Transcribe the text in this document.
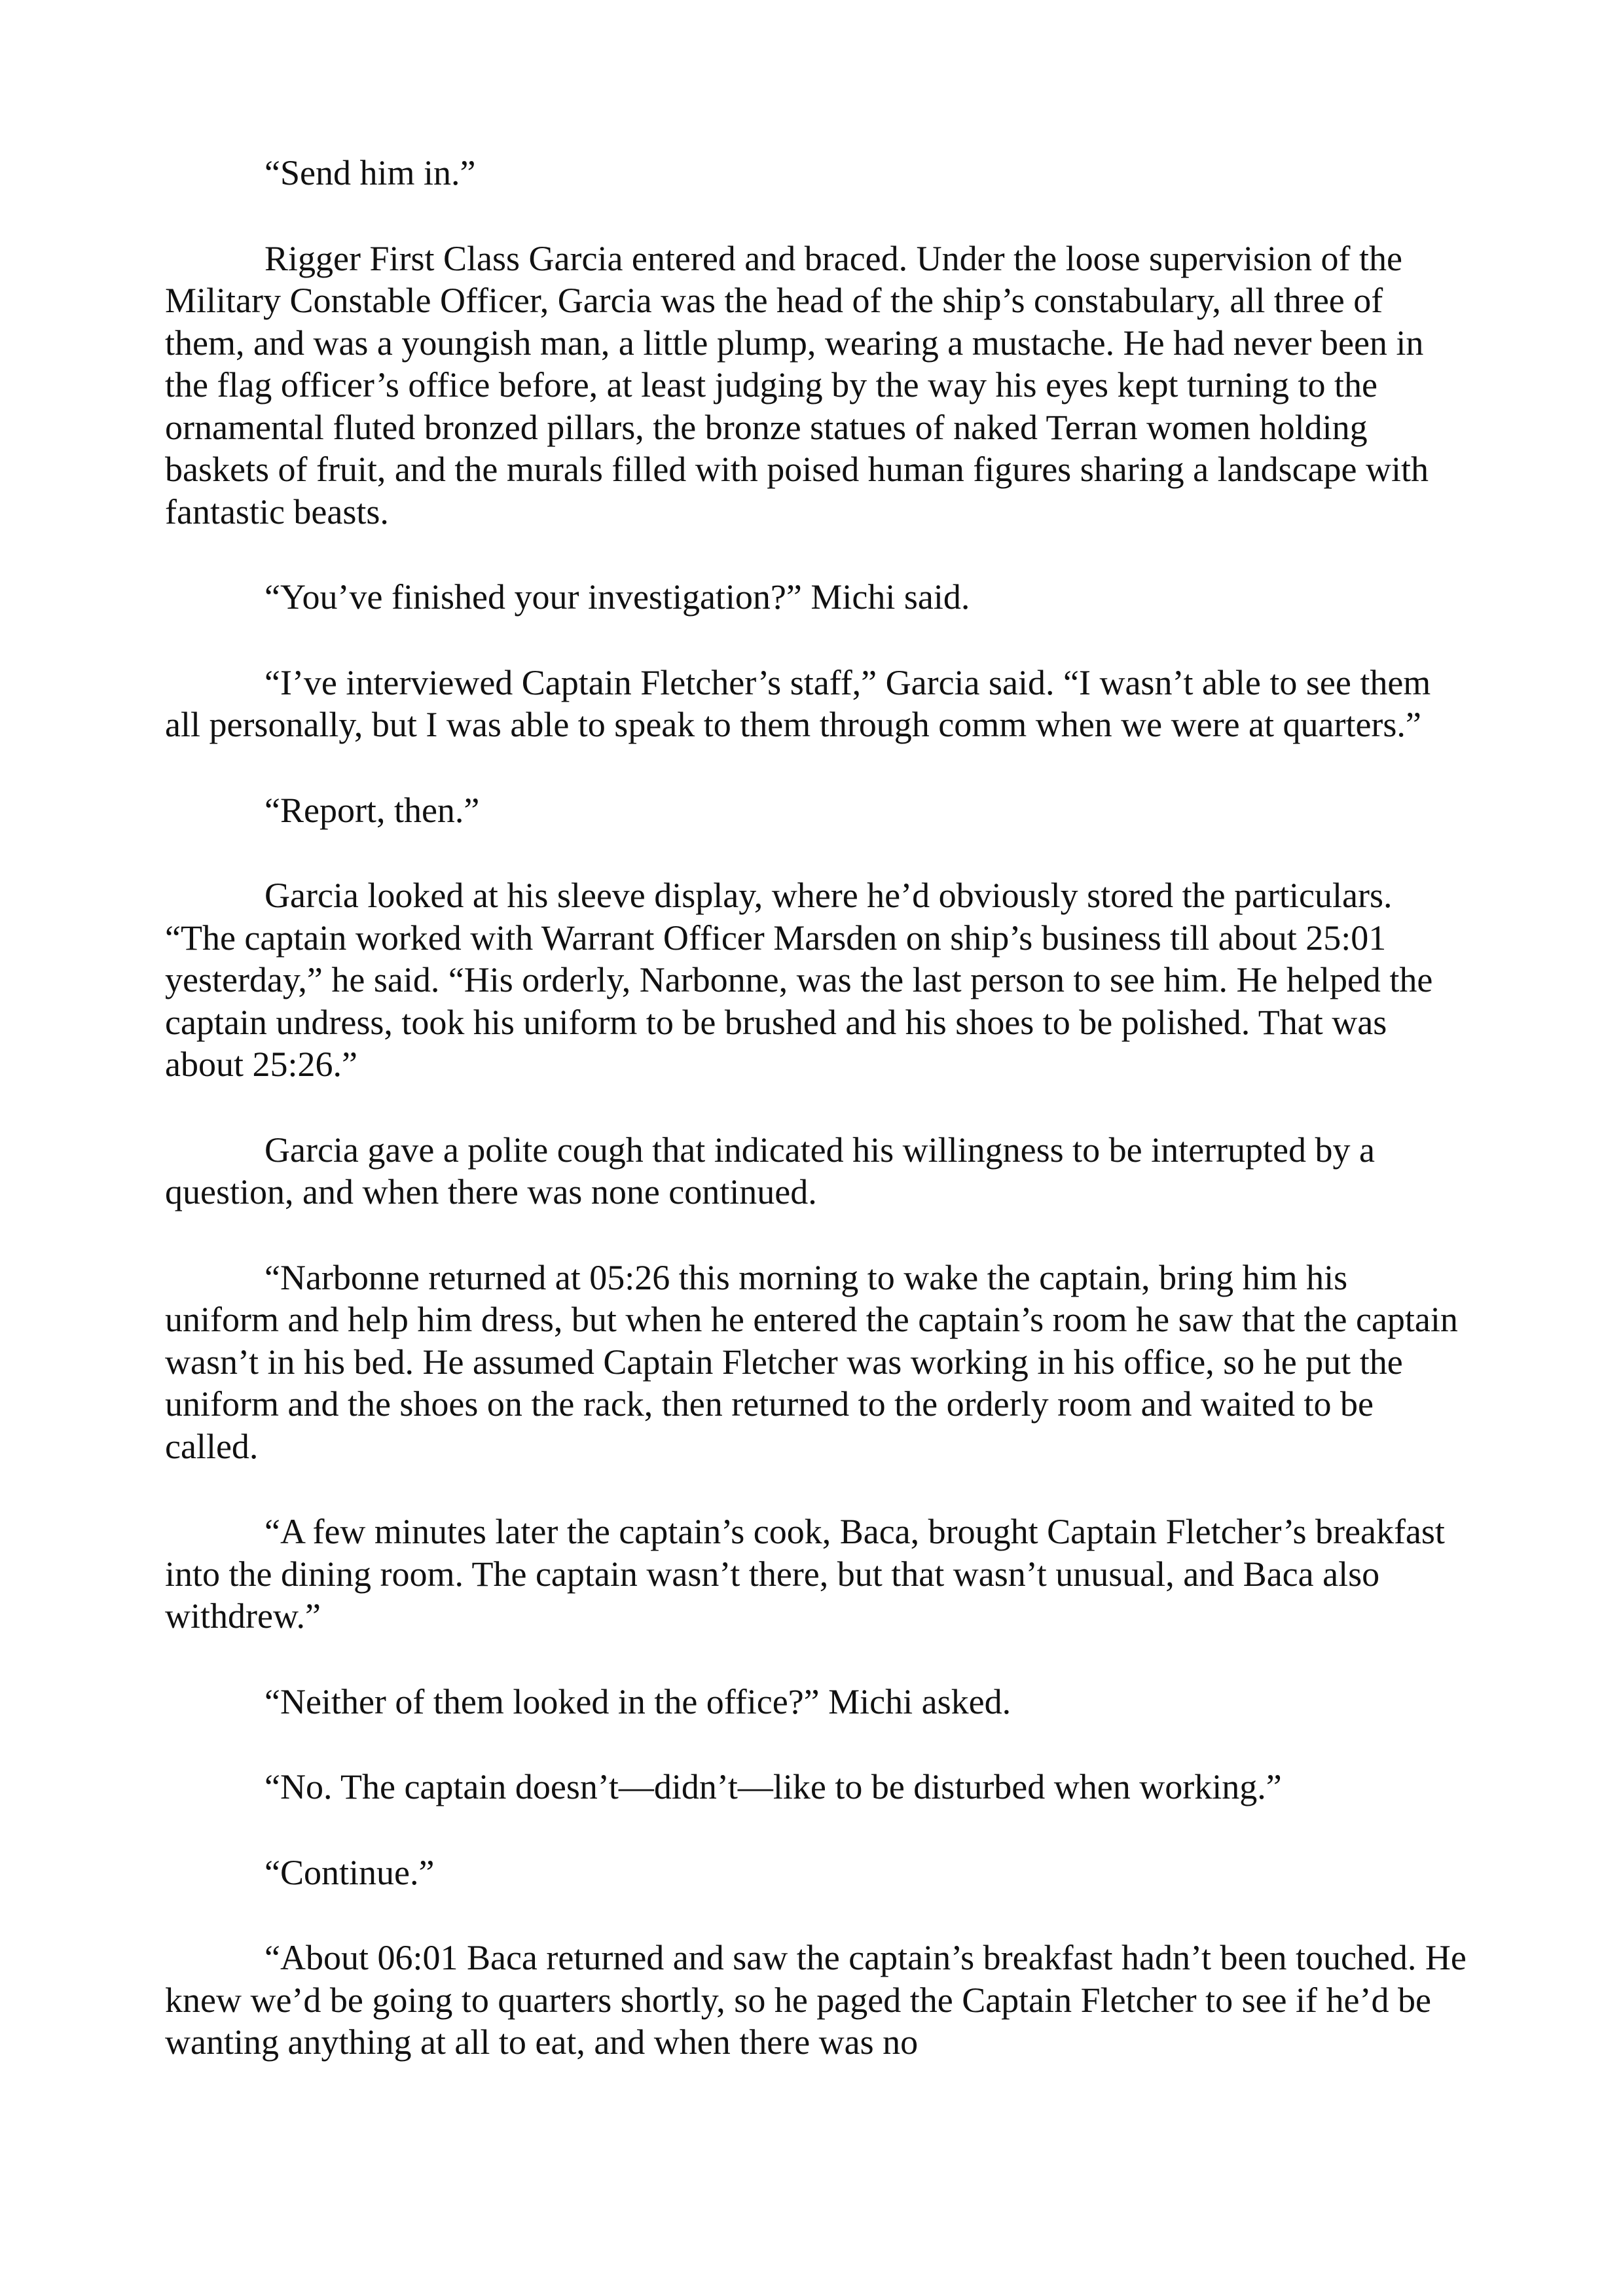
“Send him in.”

Rigger First Class Garcia entered and braced. Under the loose supervision of the Military Constable Officer, Garcia was the head of the ship’s constabulary, all three of them, and was a youngish man, a little plump, wearing a mustache. He had never been in the flag officer’s office before, at least judging by the way his eyes kept turning to the ornamental fluted bronzed pillars, the bronze statues of naked Terran women holding baskets of fruit, and the murals filled with poised human figures sharing a landscape with fantastic beasts.

“You’ve finished your investigation?” Michi said.

“I’ve interviewed Captain Fletcher’s staff,” Garcia said. “I wasn’t able to see them all personally, but I was able to speak to them through comm when we were at quarters.”

“Report, then.”

Garcia looked at his sleeve display, where he’d obviously stored the particulars. “The captain worked with Warrant Officer Marsden on ship’s business till about 25:01 yesterday,” he said. “His orderly, Narbonne, was the last person to see him. He helped the captain undress, took his uniform to be brushed and his shoes to be polished. That was about 25:26.”

Garcia gave a polite cough that indicated his willingness to be interrupted by a question, and when there was none continued.

“Narbonne returned at 05:26 this morning to wake the captain, bring him his uniform and help him dress, but when he entered the captain’s room he saw that the captain wasn’t in his bed. He assumed Captain Fletcher was working in his office, so he put the uniform and the shoes on the rack, then returned to the orderly room and waited to be called.

“A few minutes later the captain’s cook, Baca, brought Captain Fletcher’s breakfast into the dining room. The captain wasn’t there, but that wasn’t unusual, and Baca also withdrew.”

“Neither of them looked in the office?” Michi asked.

“No. The captain doesn’t—didn’t—like to be disturbed when working.”

“Continue.”

“About 06:01 Baca returned and saw the captain’s breakfast hadn’t been touched. He knew we’d be going to quarters shortly, so he paged the Captain Fletcher to see if he’d be wanting anything at all to eat, and when there was no
